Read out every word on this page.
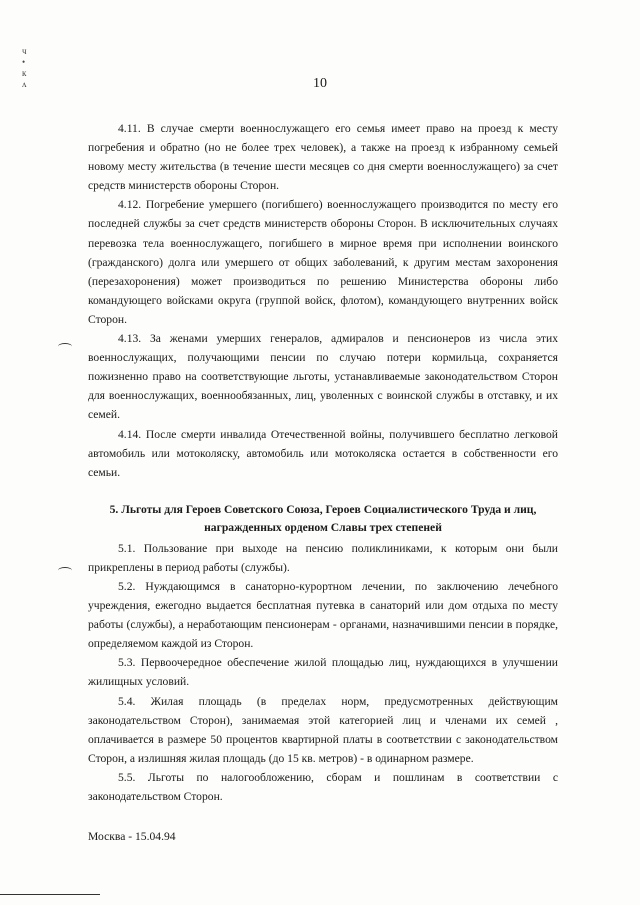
ч
•
к
ʌ	10

4.11. В случае смерти военнослужащего его семья имеет право на проезд к месту погребения и обратно (но не более трех человек), а также на проезд к избранному семьей новому месту жительства (в течение шести месяцев со дня смерти военнослужащего) за счет средств министерств обороны Сторон.

4.12. Погребение умершего (погибшего) военнослужащего производится по месту его последней службы за счет средств министерств обороны Сторон. В исключительных случаях перевозка тела военнослужащего, погибшего в мирное время при исполнении воинского (гражданского) долга или умершего от общих заболеваний, к другим местам захоронения (перезахоронения) может производиться по решению Министерства обороны либо командующего войсками округа (группой войск, флотом), командующего внутренних войск Сторон.

4.13. За женами умерших генералов, адмиралов и пенсионеров из числа этих военнослужащих, получающими пенсии по случаю потери кормильца, сохраняется пожизненно право на соответствующие льготы, устанавливаемые законодательством Сторон для военнослужащих, военнообязанных, лиц, уволенных с воинской службы в отставку, и их семей.

4.14. После смерти инвалида Отечественной войны, получившего бесплатно легковой автомобиль или мотоколяску, автомобиль или мотоколяска остается в собственности его семьи.

5. Льготы для Героев Советского Союза, Героев Социалистического Труда и лиц, награжденных орденом Славы трех степеней

5.1. Пользование при выходе на пенсию поликлиниками, к которым они были прикреплены в период работы (службы).

5.2. Нуждающимся в санаторно-курортном лечении, по заключению лечебного учреждения, ежегодно выдается бесплатная путевка в санаторий или дом отдыха по месту работы (службы), а неработающим пенсионерам - органами, назначившими пенсии в порядке, определяемом каждой из Сторон.

5.3. Первоочередное обеспечение жилой площадью лиц, нуждающихся в улучшении жилищных условий.

5.4. Жилая площадь (в пределах норм, предусмотренных действующим законодательством Сторон), занимаемая этой категорией лиц и членами их семей , оплачивается в размере 50 процентов квартирной платы в соответствии с законодательством Сторон, а излишняя жилая площадь (до 15 кв. метров) - в одинарном размере.

5.5. Льготы по налогообложению, сборам и пошлинам в соответствии с законодательством Сторон.

Москва - 15.04.94
